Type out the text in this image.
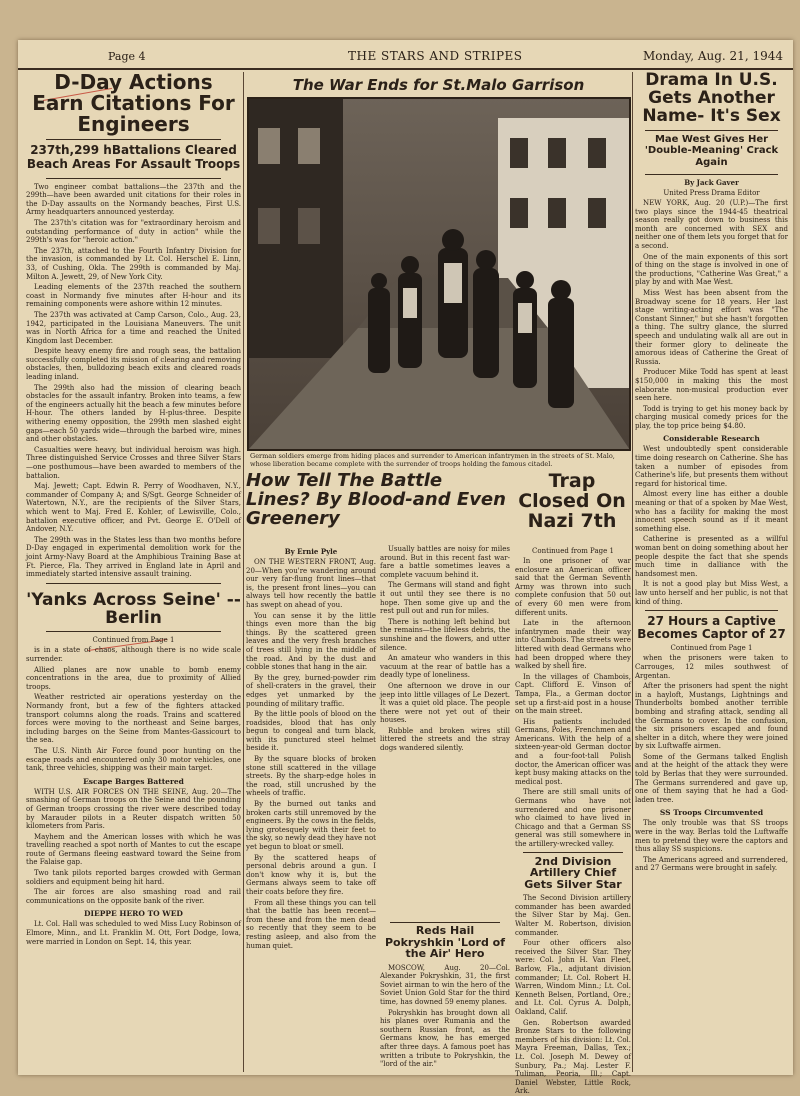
Page 4	THE STARS AND STRIPES	Monday, Aug. 21, 1944
D-Day Actions Earn Citations For Engineers
237th,299 hBattalions Cleared Beach Areas For Assault Troops

Two engineer combat battalions—the 237th and the 299th—have been awarded unit citations for their roles in the D-Day assaults on the Normandy beaches, First U.S. Army headquarters announced yesterday.

The 237th's citation was for "extraordinary heroism and outstanding performance of duty in action" while the 299th's was for "heroic action."

The 237th, attached to the Fourth Infantry Division for the invasion, is commanded by Lt. Col. Herschel E. Linn, 33, of Cushing, Okla. The 299th is commanded by Maj. Milton A. Jewett, 29, of New York City.

Leading elements of the 237th reached the southern coast in Normandy five minutes after H-hour and its remaining components were ashore within 12 minutes.

The 237th was activated at Camp Carson, Colo., Aug. 23, 1942, participated in the Louisiana Maneuvers. The unit was in North Africa for a time and reached the United Kingdom last December.

Despite heavy enemy fire and rough seas, the battalion successfully completed its mission of clearing and removing obstacles, then, bulldozing beach exits and cleared roads leading inland.

The 299th also had the mission of clearing beach obstacles for the assault infantry. Broken into teams, a few of the engineers actually hit the beach a few minutes before H-hour. The others landed by H-plus-three. Despite withering enemy opposition, the 299th men slashed eight gaps—each 50 yards wide—through the barbed wire, mines and other obstacles.

Casualties were heavy, but individual heroism was high. Three distinguished Service Crosses and three Silver Stars—one posthumous—have been awarded to members of the battalion.

Maj. Jewett; Capt. Edwin R. Perry of Woodhaven, N.Y., commander of Company A; and S/Sgt. George Schneider of Watertown, N.Y., are the recipients of the Silver Stars, which went to Maj. Fred E. Kohler, of Lewisville, Colo., battalion executive officer, and Pvt. George E. O'Dell of Andover, N.Y.

The 299th was in the States less than two months before D-Day engaged in experimental demolition work for the joint Army-Navy Board at the Amphibious Training Base at Ft. Pierce, Fla. They arrived in England late in April and immediately started intensive assault training.

'Yanks Across Seine' --Berlin
Continued from Page 1

is in a state of chaos, although there is no wide scale surrender.

Allied planes are now unable to bomb enemy concentrations in the area, due to proximity of Allied troops.

Weather restricted air operations yesterday on the Normandy front, but a few of the fighters attacked transport columns along the roads. Trains and scattered forces were moving to the northeast and Seine barges, including barges on the Seine from Mantes-Gassicourt to the sea.

The U.S. Ninth Air Force found poor hunting on the escape roads and encountered only 30 motor vehicles, one tank, three vehicles, shipping was their main target.

Escape Barges Battered

WITH U.S. AIR FORCES ON THE SEINE, Aug. 20—The smashing of German troops on the Seine and the pounding of German troops crossing the river were described today by Marauder pilots in a Reuter dispatch written 50 kilometers from Paris.

Mayhem and the American losses with which he was travelling reached a spot north of Mantes to cut the escape route of Germans fleeing eastward toward the Seine from the Falaise gap.

Two tank pilots reported barges crowded with German soldiers and equipment being hit hard.

The air forces are also smashing road and rail communications on the opposite bank of the river.

DIEPPE HERO TO WED

Lt. Col. Hall was scheduled to wed Miss Lucy Robinson of Elmore, Minn., and Lt. Franklin M. Ott, Fort Dodge, Iowa, were married in London on Sept. 14, this year.

The War Ends for St.Malo Garrison
German soldiers emerge from hiding places and surrender to American infantrymen in the streets of St. Malo, whose liberation became complete with the surrender of troops holding the famous citadel.
How Tell The Battle Lines? By Blood-and Even Greenery
Trap Closed On Nazi 7th
By Ernie Pyle

ON THE WESTERN FRONT, Aug. 20—When you're wandering around our very far-flung front lines—that is, the present front lines—you can always tell how recently the battle has swept on ahead of you.

You can sense it by the little things even more than the big things. By the scattered green leaves and the very fresh branches of trees still lying in the middle of the road. And by the dust and cobble stones that hang in the air.

By the grey, burned-powder rim of shell-craters in the gravel, their edges yet unmarked by the pounding of military traffic.

By the little pools of blood on the roadsides, blood that has only begun to congeal and turn black, with its punctured steel helmet beside it.

By the square blocks of broken stone still scattered in the village streets. By the sharp-edge holes in the road, still uncrushed by the wheels of traffic.

By the burned out tanks and broken carts still unremoved by the engineers. By the cows in the fields, lying grotesquely with their feet to the sky, so newly dead they have not yet begun to bloat or smell.

By the scattered heaps of personal debris around a gun. I don't know why it is, but the Germans always seem to take off their coats before they fire.

From all these things you can tell that the battle has been recent—from these and from the men dead so recently that they seem to be resting asleep, and also from the human quiet.

Usually battles are noisy for miles around. But in this recent fast war-fare a battle sometimes leaves a complete vacuum behind it.

The Germans will stand and fight it out until they see there is no hope. Then some give up and the rest pull out and run for miles.

There is nothing left behind but the remains—the lifeless debris, the sunshine and the flowers, and utter silence.

An amateur who wanders in this vacuum at the rear of battle has a deadly type of loneliness.

One afternoon we drove in our jeep into little villages of Le Dezert. It was a quiet old place. The people there were not yet out of their houses.

Rubble and broken wires still littered the streets and the stray dogs wandered silently.

Reds Hail Pokryshkin 'Lord of the Air' Hero

MOSCOW, Aug. 20—Col. Alexander Pokryshkin, 31, the first Soviet airman to win the hero of the Soviet Union Gold Star for the third time, has downed 59 enemy planes.

Pokryshkin has brought down all his planes over Rumania and the southern Russian front, as the Germans know, he has emerged after three days. A famous poet has written a tribute to Pokryshkin, the "lord of the air."

Continued from Page 1

In one prisoner of war enclosure an American officer said that the German Seventh Army was thrown into such complete confusion that 50 out of every 60 men were from different units.

Late in the afternoon infantrymen made their way into Chambois. The streets were littered with dead Germans who had been dropped where they walked by shell fire.

In the villages of Chambois, Capt. Clifford E. Vinson of Tampa, Fla., a German doctor set up a first-aid post in a house on the main street.

His patients included Germans, Poles, Frenchmen and Americans. With the help of a sixteen-year-old German doctor and a four-foot-tall Polish doctor, the American officer was kept busy making attacks on the medical post.

There are still small units of Germans who have not surrendered and one prisoner who claimed to have lived in Chicago and that a German SS general was still somewhere in the artillery-wrecked valley.

2nd Division Artillery Chief Gets Silver Star

The Second Division artillery commander has been awarded the Silver Star by Maj. Gen. Walter M. Robertson, division commander.

Four other officers also received the Silver Star. They were: Col. John H. Van Fleet, Barlow, Fla., adjutant division commander; Lt. Col. Robert H. Warren, Windom Minn.; Lt. Col. Kenneth Belsen, Portland, Ore.; and Lt. Col. Cyrus A. Dolph, Oakland, Calif.

Gen. Robertson awarded Bronze Stars to the following members of his division: Lt. Col. Mayra Freeman, Dallas, Tex.; Lt. Col. Joseph M. Dewey of Sunbury, Pa.; Maj. Lester F. Tuliman, Peoria, Ill.; Capt. Daniel Webster, Little Rock, Ark.

Drama In U.S. Gets Another Name- It's Sex
Mae West Gives Her 'Double-Meaning' Crack Again
By Jack Gaver
United Press Drama Editor

NEW YORK, Aug. 20 (U.P.)—The first two plays since the 1944-45 theatrical season really got down to business this month are concerned with SEX and neither one of them lets you forget that for a second.

One of the main exponents of this sort of thing on the stage is involved in one of the productions, "Catherine Was Great," a play by and with Mae West.

Miss West has been absent from the Broadway scene for 18 years. Her last stage writing-acting effort was "The Constant Sinner," but she hasn't forgotten a thing. The sultry glance, the slurred speech and undulating walk all are out in their former glory to delineate the amorous ideas of Catherine the Great of Russia.

Producer Mike Todd has spent at least $150,000 in making this the most elaborate non-musical production ever seen here.

Todd is trying to get his money back by charging musical comedy prices for the play, the top price being $4.80.

Considerable Research

West undoubtedly spent considerable time doing research on Catherine. She has taken a number of episodes from Catherine's life, but presents them without regard for historical time.

Almost every line has either a double meaning or that of a spoken by Mae West, who has a facility for making the most innocent speech sound as if it meant something else.

Catherine is presented as a willful woman bent on doing something about her people despite the fact that she spends much time in dalliance with the handsomest men.

It is not a good play but Miss West, a law unto herself and her public, is not that kind of thing.

27 Hours a Captive Becomes Captor of 27
Continued from Page 1

when the prisoners were taken to Carrouges, 12 miles southwest of Argentan.

After the prisoners had spent the night in a hayloft, Mustangs, Lightnings and Thunderbolts bombed another terrible bombing and strafing attack, sending all the Germans to cover. In the confusion, the six prisoners escaped and found shelter in a ditch, where they were joined by six Luftwaffe airmen.

Some of the Germans talked English and at the height of the attack they were told by Berlas that they were surrounded. The Germans surrendered and gave up, one of them saying that he had a God-laden tree.

SS Troops Circumvented

The only trouble was that SS troops were in the way. Berlas told the Luftwaffe men to pretend they were the captors and thus allay SS suspicions.

The Americans agreed and surrendered, and 27 Germans were brought in safely.
